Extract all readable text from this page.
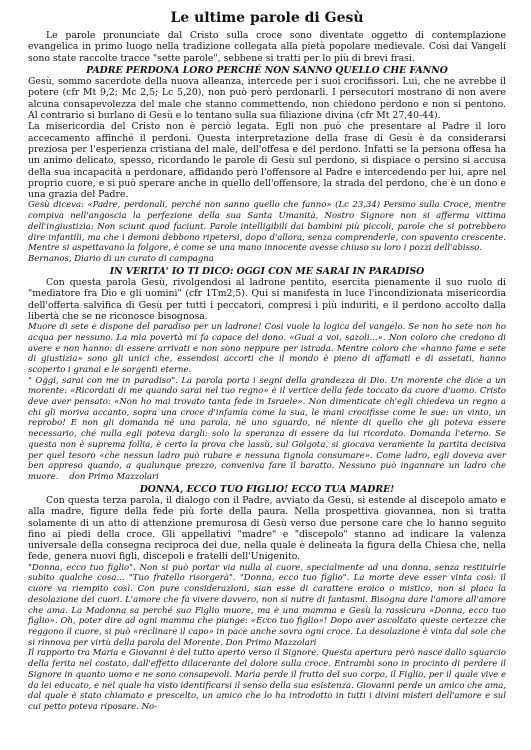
Le ultime parole di Gesù

Le parole pronunciate dal Cristo sulla croce sono diventate oggetto di contemplazione evangelica in primo luogo nella tradizione collegata alla pietà popolare medievale. Così dai Vangeli sono state raccolte tracce "sette parole", sebbene si tratti per lo più di brevi frasi.

PADRE PERDONA LORO PERCHÉ NON SANNO QUELLO CHE FANNO

Gesù, sommo sacerdote della nuova alleanza, intercede per i suoi crocifissori. Lui, che ne avrebbe il potere (cfr Mt 9,2; Mc 2,5; Lc 5,20), non può però perdonarli. I persecutori mostrano di non avere alcuna consapevolezza del male che stanno commettendo, non chiedono perdono e non si pentono. Al contrario si burlano di Gesù e lo tentano sulla sua filiazione divina (cfr Mt 27,40-44).

La misericordia del Cristo non è perciò legata. Egli non può che presentare al Padre il loro accecamento affinché il perdoni. Questa interpretazione della frase di Gesù è da considerarsi preziosa per l'esperienza cristiana del male, dell'offesa e del perdono. Infatti se la persona offesa ha un animo delicato, spesso, ricordando le parole di Gesù sul perdono, si dispiace o persino si accusa della sua incapacità a perdonare, affidando però l'offensore al Padre e intercedendo per lui, apre nel proprio cuore, e si può sperare anche in quello dell'offensore, la strada del perdono, che è un dono e una grazia del Padre.

Gesù diceva: «Padre, perdonali, perché non sanno quello che fanno» (Lc 23,34) Persino sulla Croce, mentre compiva nell'angoscia la perfezione della sua Santa Umanità, Nostro Signore non si afferma vittima dell'ingiustizia: Non sciunt quod faciunt. Parole intelligibili dai bambini più piccoli, parole che si potrebbero dire infantili, ma che i demoni debbono ripetersi, dopo d'allora, senza comprenderle, con spavento crescente. Mentre si aspettavano la folgore, è come se una mano innocente avesse chiuso su loro i pozzi dell'abisso.

Bernanos, Diario di un curato di campagna

IN VERITA' IO TI DICO: OGGI CON ME SARAI IN PARADISO

Con questa parola Gesù, rivolgendosi al ladrone pentito, esercita pienamente il suo ruolo di "mediatore fra Dio e gli uomini" (cfr 1Tm2,5). Qui si manifesta in luce l'incondizionata misericordia dell'offerta salvifica di Gesù per tutti i peccatori, compresi i più induriti, e il perdono accolto dalla libertà che se ne riconosce bisognosa.

Muore di sete e dispone del paradiso per un ladrone! Così vuole la logica del vangelo. Se non ho sete non ho acqua per nessuno. La mia povertà mi fa capace del dono. «Guai a voi, sazoli...». Non coloro che credono di avere e non hanno: di essere arrivati e non sono neppure per istrada. Mentre coloro che «hanno fame e sete di giustizia» sono gli unici che, essendosi accorti che il mondo è pieno di affamati e di assetati, hanno scoperto i granai e le sorgenti eterne.

" Oggi, sarai con me in paradiso". La parola porta i segni della grandezza di Dio. Un morente che dice a un morente: «Ricordati di me quando sarai nel tuo regno» è il vertice della fede toccato da cuore d'uomo. Cristo deve aver pensato: «Non ho mai trovato tanta fede in Israele». Non dimenticate ch'egli chiedeva un regno a chi gli moriva accanto, sopra una croce d'infamia come la sua, le mani crocifisse come le sue: un vinto, un reprobo! E non gli domanda né una parola, né uno sguardo, né niente di quello che gli poteva essere necessario, ché nulla egli poteva dargli: solo la speranza di essere da lui ricordato. Domanda l'eterno. Se questa non è suprema follia, è certo la prova che lassù, sul Golgota, si giocava veramente la partita decisiva per quel tesoro «che nessun ladro può rubare e nessuna tignola consumare». Come ladro, egli doveva aver ben appreso quando, a qualunque prezzo, conveniva fare il baratto. Nessuno può ingannare un ladro che muore. don Primo Mazzolari

DONNA, ECCO TUO FIGLIO! ECCO TUA MADRE!

Con questa terza parola, il dialogo con il Padre, avviato da Gesù, si estende al discepolo amato e alla madre, figure della fede più forte della paura. Nella prospettiva giovannea, non si tratta solamente di un atto di attenzione premurosa di Gesù verso due persone care che lo hanno seguito fino ai piedi della croce. Gli appellativi "madre" e "discepolo" stanno ad indicare la valenza universale della consegna reciproca dei due, nella quale è delineata la figura della Chiesa che, nella fede, genera nuovi figli, discepoli e fratelli dell'Unigenito.

"Donna, ecco tuo figlio". Non si può portar via nulla al cuore, specialmente ad una donna, senza restituirle subito qualche cosa... "Tuo fratello risorgerà". "Donna, ecco tuo figlio". La morte deve esser vinta così: il cuore va riempito così. Con pure considerazioni, sian esse di carattere eroico o mistico, non si placa la desolazione dei cuori. L'amore che fa vivere davvero, non si nutre di fantasmi. Bisogna dare l'amore all'amore che ama. La Madonna sa perché suo Figlio muore, ma è una mamma e Gesù la rassicura «Donna, ecco tuo figlio». Oh, poter dire ad ogni mamma che piange: «Ecco tuo figlio»! Dopo aver ascoltato queste certezze che reggono il cuore, si può «reclinare il capo» in pace anche sovra ogni croce. La desolazione è vinta dal sole che si rinnova per virtù della parola del Morente. Don Primo Mazzolari

Il rapporto tra Maria e Giovanni è del tutto aperto verso il Signore. Questa apertura però nasce dallo squarcio della ferita nel costato, dall'effetto dilacerante del dolore sulla croce. Entrambi sono in procinto di perdere il Signore in quanto uomo e ne sono consapevoli. Maria perde il frutto del suo corpo, il Figlio, per il quale vive e da lei educato, e nel quale ha visto identificarsi il senso della sua esistenza. Giovanni perde un amico che ama, dal quale è stato chiamato e prescelto, un amico che lo ha introdotto in tutti i divini misteri dell'amore e sul cui petto poteva riposare. No-
